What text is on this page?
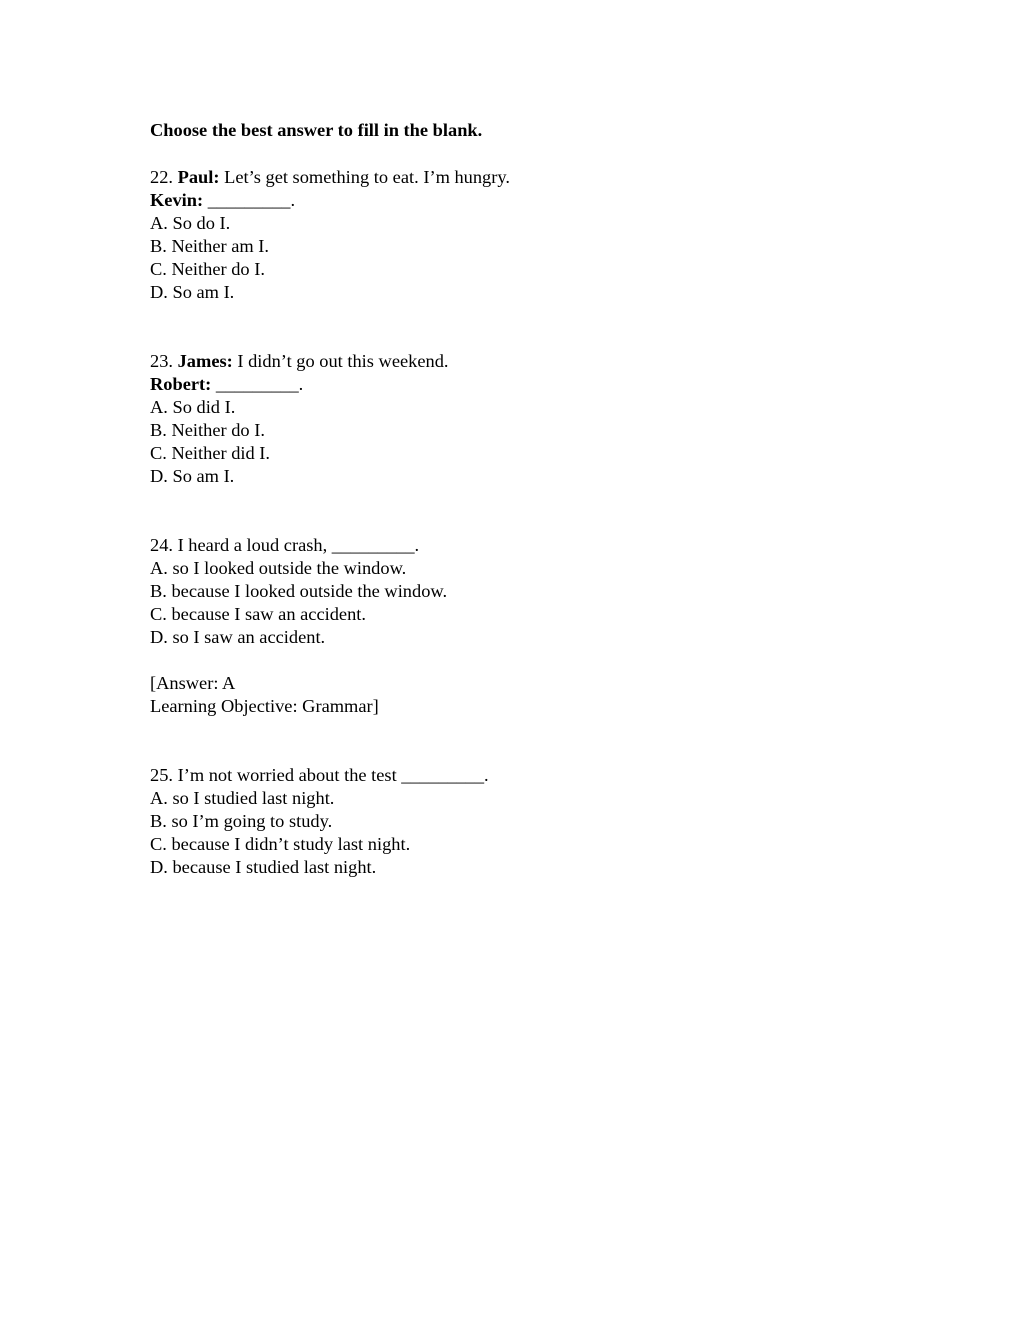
Choose the best answer to fill in the blank.
22. Paul: Let’s get something to eat. I’m hungry.
Kevin: _________.
A. So do I.
B. Neither am I.
C. Neither do I.
D. So am I.
23. James: I didn’t go out this weekend.
Robert: _________.
A. So did I.
B. Neither do I.
C. Neither did I.
D. So am I.
24. I heard a loud crash, _________.
A. so I looked outside the window.
B. because I looked outside the window.
C. because I saw an accident.
D. so I saw an accident.
[Answer: A
Learning Objective: Grammar]
25. I’m not worried about the test _________.
A. so I studied last night.
B. so I’m going to study.
C. because I didn’t study last night.
D. because I studied last night.
